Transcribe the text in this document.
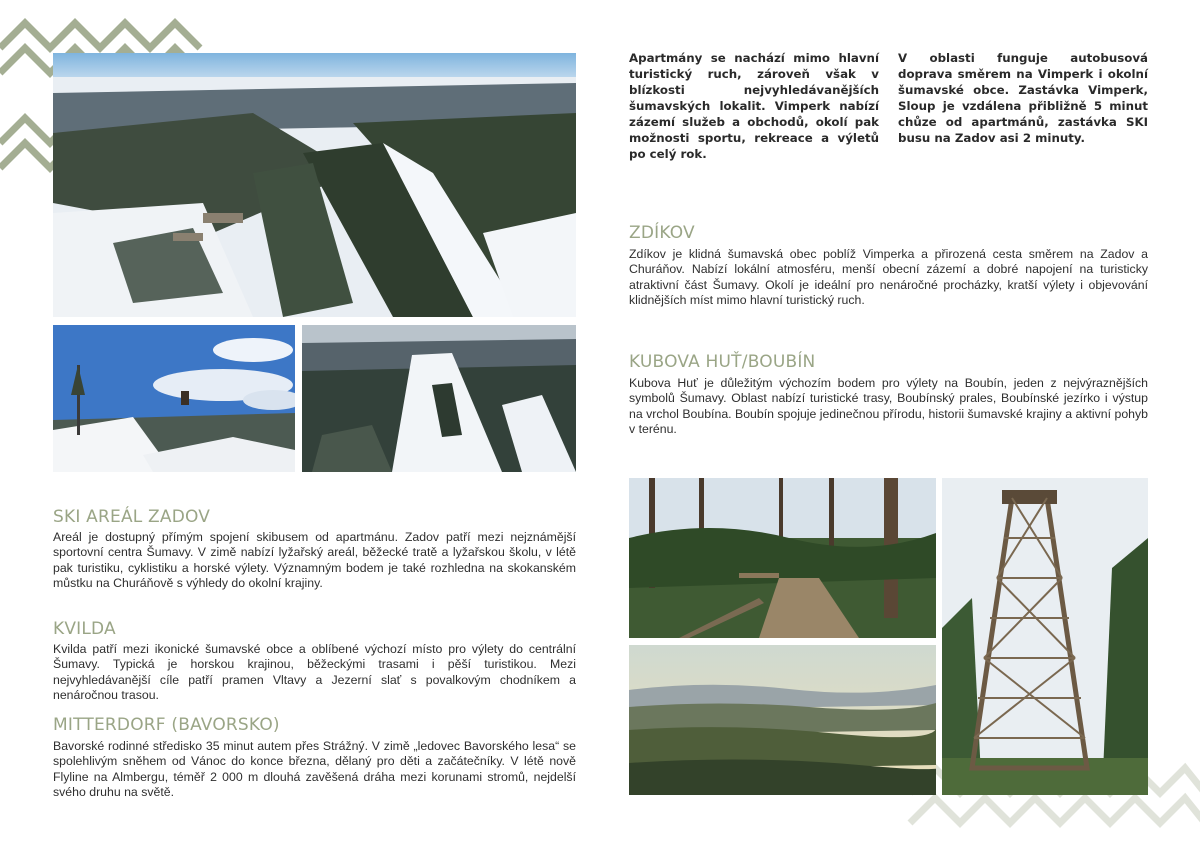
Apartmány se nachází mimo hlavní turistický ruch, zároveň však v blízkosti nejvyhledávanějších šumavských lokalit. Vimperk nabízí zázemí služeb a obchodů, okolí pak možnosti sportu, rekreace a výletů po celý rok.

V oblasti funguje autobusová doprava směrem na Vimperk i okolní šumavské obce. Zastávka Vimperk, Sloup je vzdálena přibližně 5 minut chůze od apartmánů, zastávka SKI busu na Zadov asi 2 minuty.

ZDÍKOV

Zdíkov je klidná šumavská obec poblíž Vimperka a přirozená cesta směrem na Zadov a Churáňov. Nabízí lokální atmosféru, menší obecní zázemí a dobré napojení na turisticky atraktivní část Šumavy. Okolí je ideální pro nenáročné procházky, kratší výlety i objevování klidnějších míst mimo hlavní turistický ruch.

KUBOVA HUŤ/BOUBÍN

Kubova Huť je důležitým výchozím bodem pro výlety na Boubín, jeden z nejvýraznějších symbolů Šumavy. Oblast nabízí turistické trasy, Boubínský prales, Boubínské jezírko i výstup na vrchol Boubína. Boubín spojuje jedinečnou přírodu, historii šumavské krajiny a aktivní pohyb v terénu.

SKI AREÁL ZADOV

Areál je dostupný přímým spojení skibusem od apartmánu. Zadov patří mezi nejznámější sportovní centra Šumavy. V zimě nabízí lyžařský areál, běžecké tratě a lyžařskou školu, v létě pak turistiku, cyklistiku a horské výlety. Významným bodem je také rozhledna na skokanském můstku na Churáňově s výhledy do okolní krajiny.

KVILDA

Kvilda patří mezi ikonické šumavské obce a oblíbené výchozí místo pro výlety do centrální Šumavy. Typická je horskou krajinou, běžeckými trasami i pěší turistikou. Mezi nejvyhledávanější cíle patří pramen Vltavy a Jezerní slať s povalkovým chodníkem a nenáročnou trasou.

MITTERDORF (BAVORSKO)

Bavorské rodinné středisko 35 minut autem přes Strážný. V zimě „ledovec Bavorského lesa“ se spolehlivým sněhem od Vánoc do konce března, dělaný pro děti a začátečníky. V létě nově Flyline na Almbergu, téměř 2 000 m dlouhá zavěšená dráha mezi korunami stromů, nejdelší svého druhu na světě.
